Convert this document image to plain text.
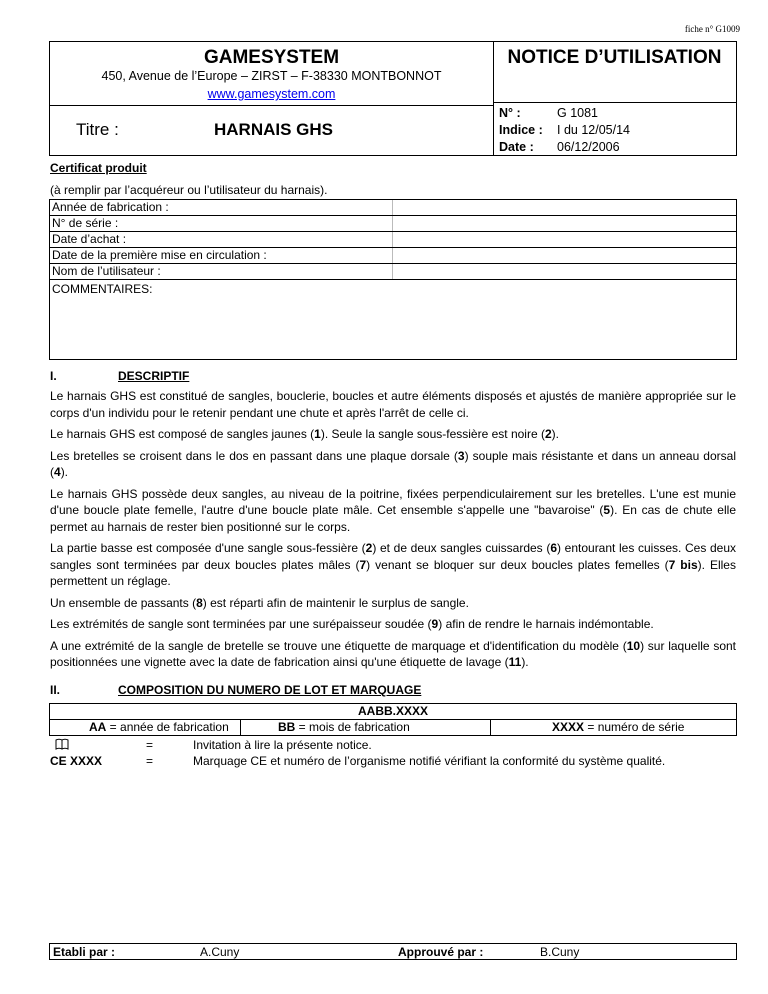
fiche n° G1009
GAMESYSTEM
450, Avenue de l’Europe – ZIRST – F-38330 MONTBONNOT
www.gamesystem.com
Titre :	HARNAIS GHS
NOTICE D’UTILISATION
N° :	G 1081
Indice :	I du 12/05/14
Date :	06/12/2006
Certificat produit
(à remplir par l’acquéreur ou l’utilisateur du harnais).
Année de fabrication :
N° de série :
Date d’achat :
Date de la première mise en circulation :
Nom de l’utilisateur :
COMMENTAIRES:
I.	DESCRIPTIF

Le harnais GHS est constitué de sangles, bouclerie, boucles et autre éléments disposés et ajustés de manière appropriée sur le corps d'un individu pour le retenir pendant une chute et après l'arrêt de celle ci.

Le harnais GHS est composé de sangles jaunes (1). Seule la sangle sous-fessière est noire (2).

Les bretelles se croisent dans le dos en passant dans une plaque dorsale (3) souple mais résistante et dans un anneau dorsal (4).

Le harnais GHS possède deux sangles, au niveau de la poitrine, fixées perpendiculairement sur les bretelles. L'une est munie d'une boucle plate femelle, l'autre d'une boucle plate mâle. Cet ensemble s'appelle une "bavaroise" (5). En cas de chute elle permet au harnais de rester bien positionné sur le corps.

La partie basse est composée d'une sangle sous-fessière (2) et de deux sangles cuissardes (6) entourant les cuisses. Ces deux sangles sont terminées par deux boucles plates mâles (7) venant se bloquer sur deux boucles plates femelles (7 bis). Elles permettent un réglage.

Un ensemble de passants (8) est réparti afin de maintenir le surplus de sangle.

Les extrémités de sangle sont terminées par une surépaisseur soudée (9) afin de rendre le harnais indémontable.

A une extrémité de la sangle de bretelle se trouve une étiquette de marquage et d'identification du modèle (10) sur laquelle sont positionnées une vignette avec la date de fabrication ainsi qu'une étiquette de lavage (11).

II.	COMPOSITION DU NUMERO DE LOT ET MARQUAGE
AABB.XXXX
AA = année de fabrication	BB = mois de fabrication	XXXX = numéro de série
=	Invitation à lire la présente notice.
CE XXXX	=	Marquage CE et numéro de l’organisme notifié vérifiant la conformité du système qualité.
Etabli par :	A.Cuny	Approuvé par :	B.Cuny
